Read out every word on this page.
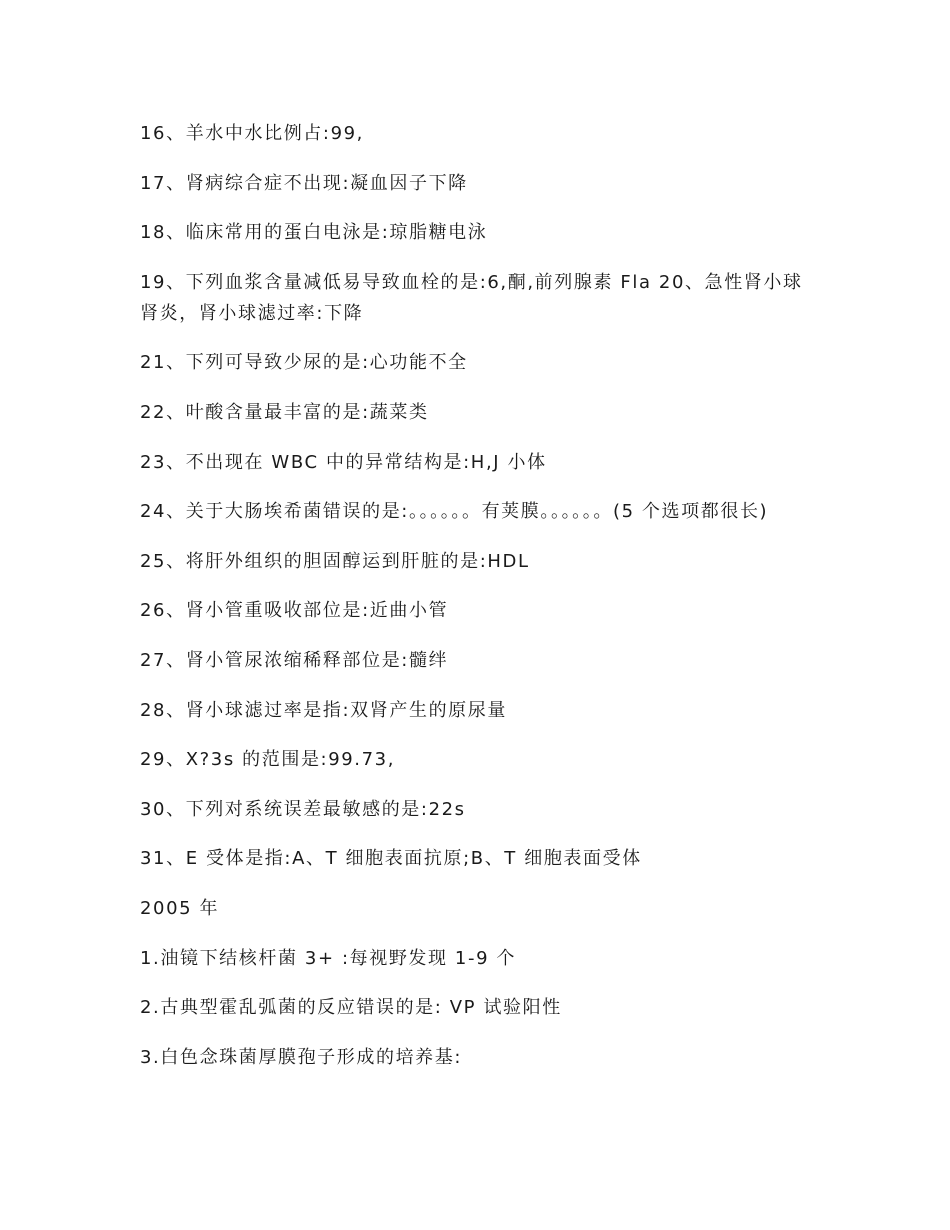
16、羊水中水比例占:99,

17、肾病综合症不出现:凝血因子下降

18、临床常用的蛋白电泳是:琼脂糖电泳

19、下列血浆含量减低易导致血栓的是:6,酮,前列腺素 Fla 20、急性肾小球肾炎，肾小球滤过率:下降

21、下列可导致少尿的是:心功能不全

22、叶酸含量最丰富的是:蔬菜类

23、不出现在 WBC 中的异常结构是:H,J 小体

24、关于大肠埃希菌错误的是:。。。。。。有荚膜。。。。。。(5 个选项都很长)

25、将肝外组织的胆固醇运到肝脏的是:HDL

26、肾小管重吸收部位是:近曲小管

27、肾小管尿浓缩稀释部位是:髓绊

28、肾小球滤过率是指:双肾产生的原尿量

29、X?3s 的范围是:99.73,

30、下列对系统误差最敏感的是:22s

31、E 受体是指:A、T 细胞表面抗原;B、T 细胞表面受体

2005 年

1.油镜下结核杆菌 3+ :每视野发现 1-9 个

2.古典型霍乱弧菌的反应错误的是: VP 试验阳性

3.白色念珠菌厚膜孢子形成的培养基:
